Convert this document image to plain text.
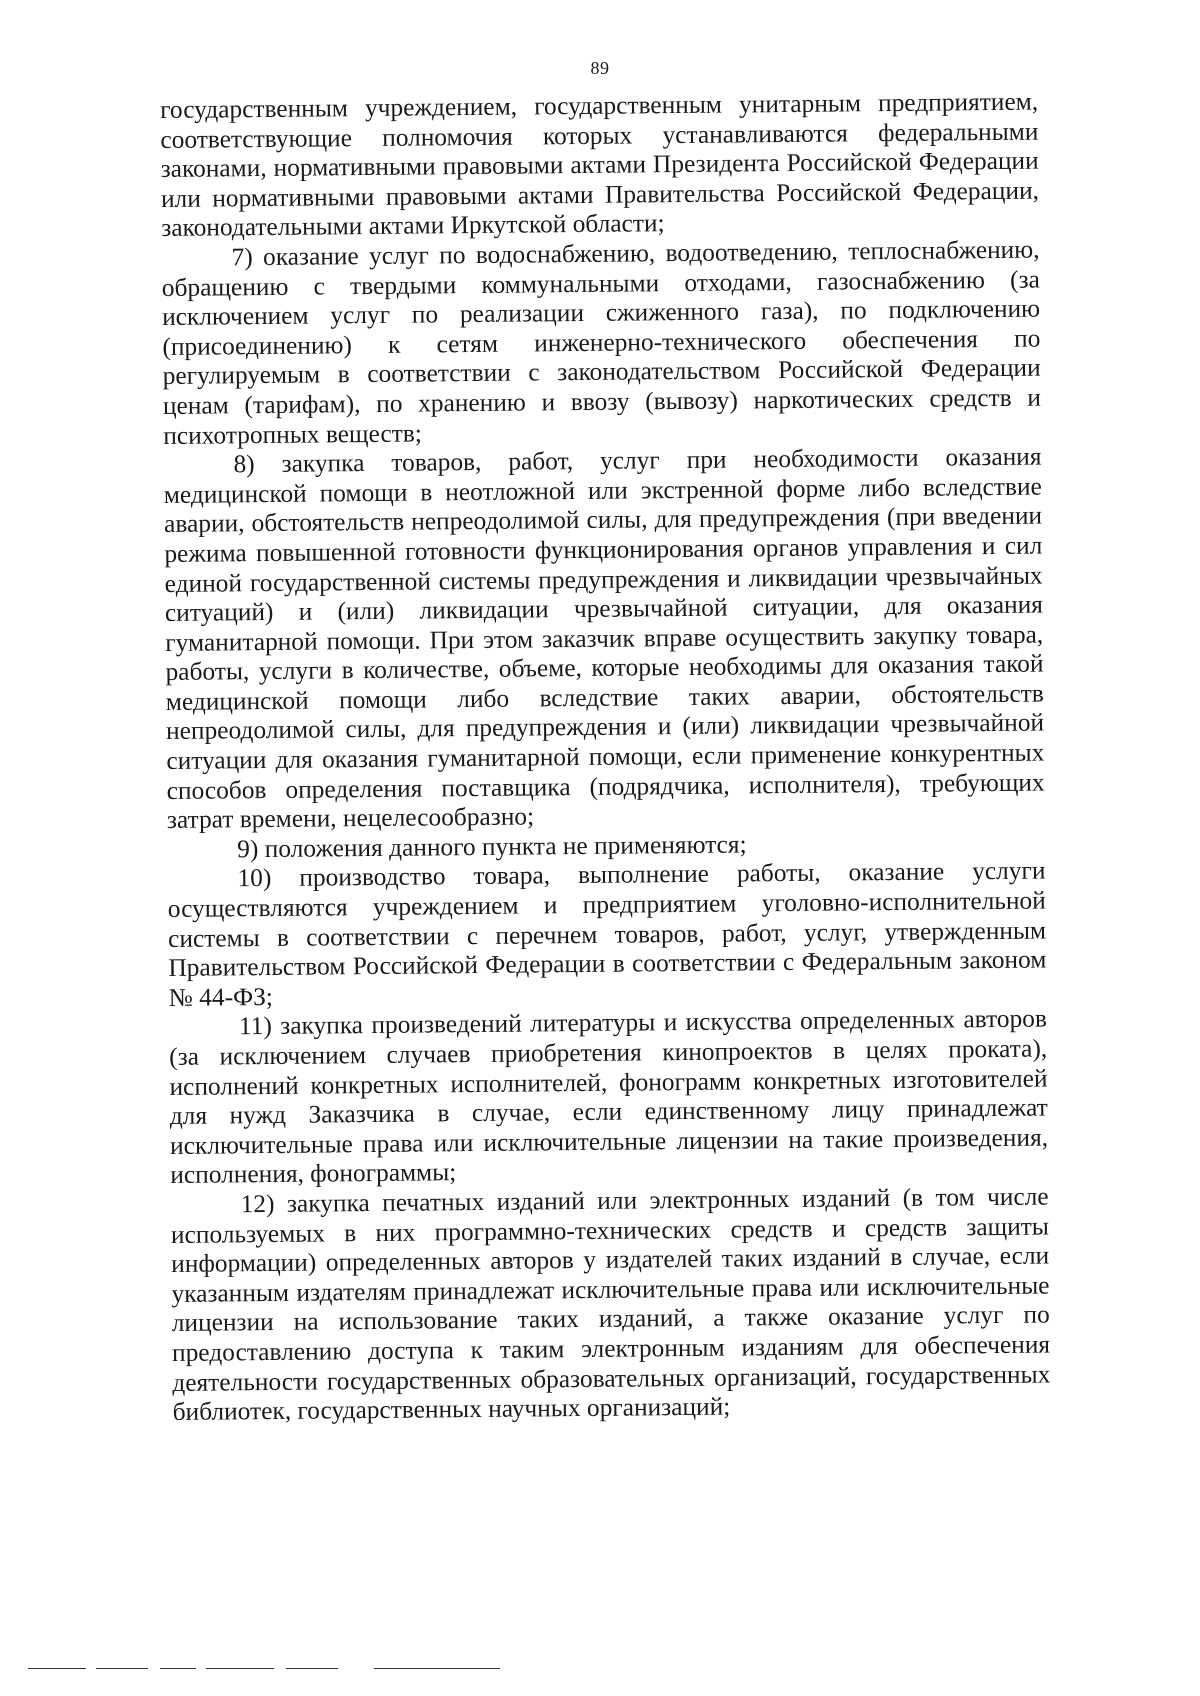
89

государственным учреждением, государственным унитарным предприятием, соответствующие полномочия которых устанавливаются федеральными законами, нормативными правовыми актами Президента Российской Федерации или нормативными правовыми актами Правительства Российской Федерации, законодательными актами Иркутской области;

7) оказание услуг по водоснабжению, водоотведению, теплоснабжению, обращению с твердыми коммунальными отходами, газоснабжению (за исключением услуг по реализации сжиженного газа), по подключению (присоединению) к сетям инженерно-технического обеспечения по регулируемым в соответствии с законодательством Российской Федерации ценам (тарифам), по хранению и ввозу (вывозу) наркотических средств и психотропных веществ;

8) закупка товаров, работ, услуг при необходимости оказания медицинской помощи в неотложной или экстренной форме либо вследствие аварии, обстоятельств непреодолимой силы, для предупреждения (при введении режима повышенной готовности функционирования органов управления и сил единой государственной системы предупреждения и ликвидации чрезвычайных ситуаций) и (или) ликвидации чрезвычайной ситуации, для оказания гуманитарной помощи. При этом заказчик вправе осуществить закупку товара, работы, услуги в количестве, объеме, которые необходимы для оказания такой медицинской помощи либо вследствие таких аварии, обстоятельств непреодолимой силы, для предупреждения и (или) ликвидации чрезвычайной ситуации для оказания гуманитарной помощи, если применение конкурентных способов определения поставщика (подрядчика, исполнителя), требующих затрат времени, нецелесообразно;

9) положения данного пункта не применяются;

10) производство товара, выполнение работы, оказание услуги осуществляются учреждением и предприятием уголовно-исполнительной системы в соответствии с перечнем товаров, работ, услуг, утвержденным Правительством Российской Федерации в соответствии с Федеральным законом № 44-ФЗ;

11) закупка произведений литературы и искусства определенных авторов (за исключением случаев приобретения кинопроектов в целях проката), исполнений конкретных исполнителей, фонограмм конкретных изготовителей для нужд Заказчика в случае, если единственному лицу принадлежат исключительные права или исключительные лицензии на такие произведения, исполнения, фонограммы;

12) закупка печатных изданий или электронных изданий (в том числе используемых в них программно-технических средств и средств защиты информации) определенных авторов у издателей таких изданий в случае, если указанным издателям принадлежат исключительные права или исключительные лицензии на использование таких изданий, а также оказание услуг по предоставлению доступа к таким электронным изданиям для обеспечения деятельности государственных образовательных организаций, государственных библиотек, государственных научных организаций;
